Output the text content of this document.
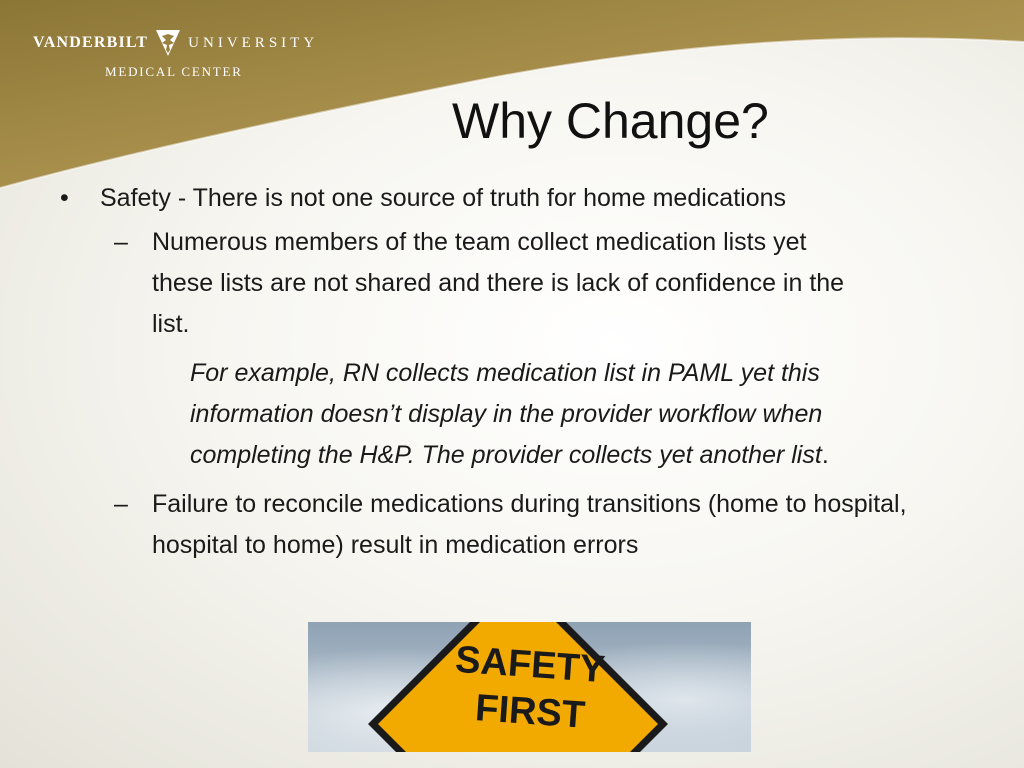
VANDERBILT	UNIVERSITY
MEDICAL CENTER
Why Change?
• Safety - There is not one source of truth for home medications
– Numerous members of the team collect medication lists yet these lists are not shared and there is lack of confidence in the list.
For example, RN collects medication list in PAML yet this information doesn’t display in the provider workflow when completing the H&P. The provider collects yet another list.
– Failure to reconcile medications during transitions (home to hospital, hospital to home) result in medication errors
SAFETY
FIRST
